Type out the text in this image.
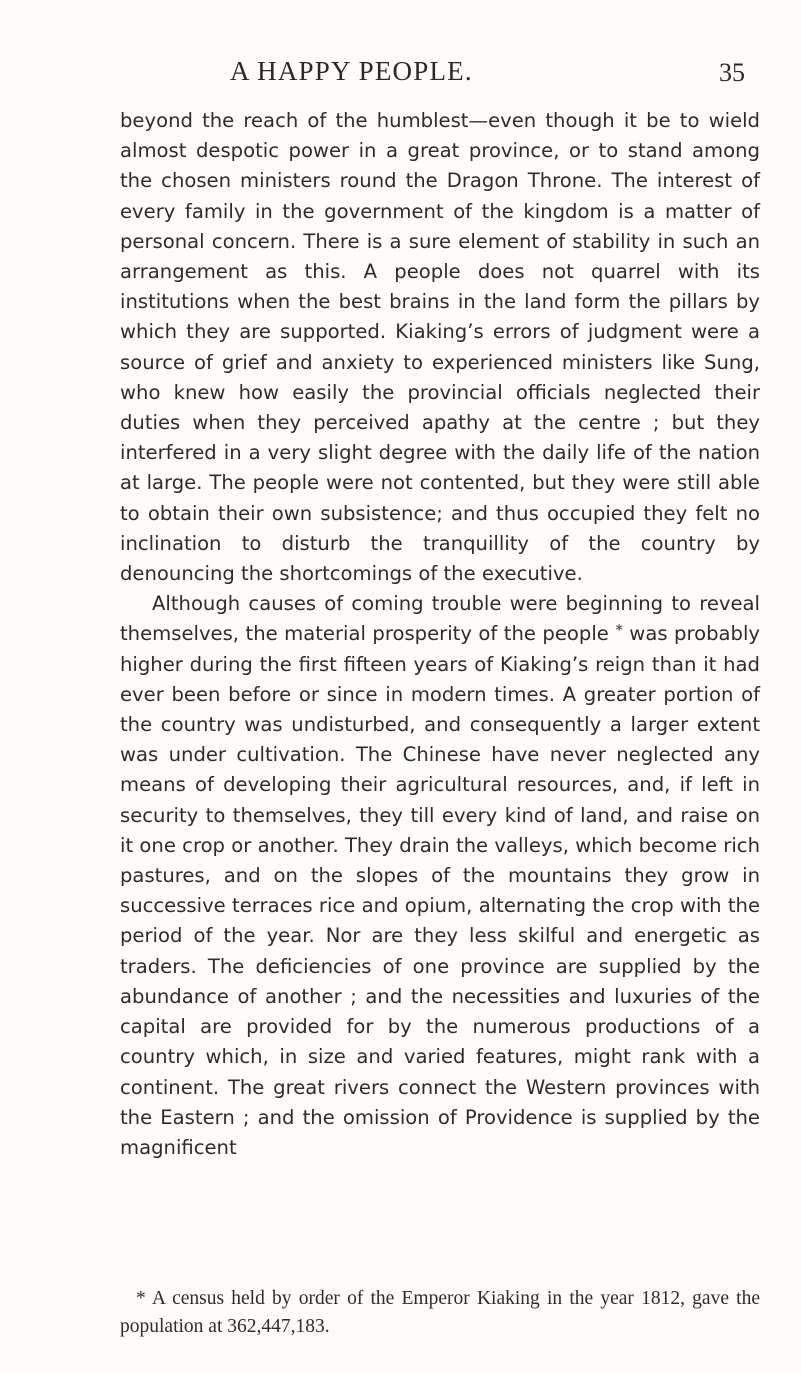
A HAPPY PEOPLE.	35

beyond the reach of the humblest—even though it be to wield almost despotic power in a great province, or to stand among the chosen ministers round the Dragon Throne. The interest of every family in the government of the kingdom is a matter of personal concern. There is a sure element of stability in such an arrangement as this. A people does not quarrel with its institutions when the best brains in the land form the pillars by which they are supported. Kiaking’s errors of judgment were a source of grief and anxiety to experienced ministers like Sung, who knew how easily the provincial officials neglected their duties when they perceived apathy at the centre ; but they interfered in a very slight degree with the daily life of the nation at large. The people were not contented, but they were still able to obtain their own subsistence; and thus occupied they felt no inclination to disturb the tranquillity of the country by denouncing the shortcomings of the executive.

Although causes of coming trouble were beginning to reveal themselves, the material prosperity of the people * was probably higher during the first fifteen years of Kiaking’s reign than it had ever been before or since in modern times. A greater portion of the country was undisturbed, and consequently a larger extent was under cultivation. The Chinese have never neglected any means of developing their agricultural resources, and, if left in security to themselves, they till every kind of land, and raise on it one crop or another. They drain the valleys, which become rich pastures, and on the slopes of the mountains they grow in successive terraces rice and opium, alternating the crop with the period of the year. Nor are they less skilful and energetic as traders. The deficiencies of one province are supplied by the abundance of another ; and the necessities and luxuries of the capital are provided for by the numerous productions of a country which, in size and varied features, might rank with a continent. The great rivers connect the Western provinces with the Eastern ; and the omission of Providence is supplied by the magnificent

* A census held by order of the Emperor Kiaking in the year 1812, gave the population at 362,447,183.
